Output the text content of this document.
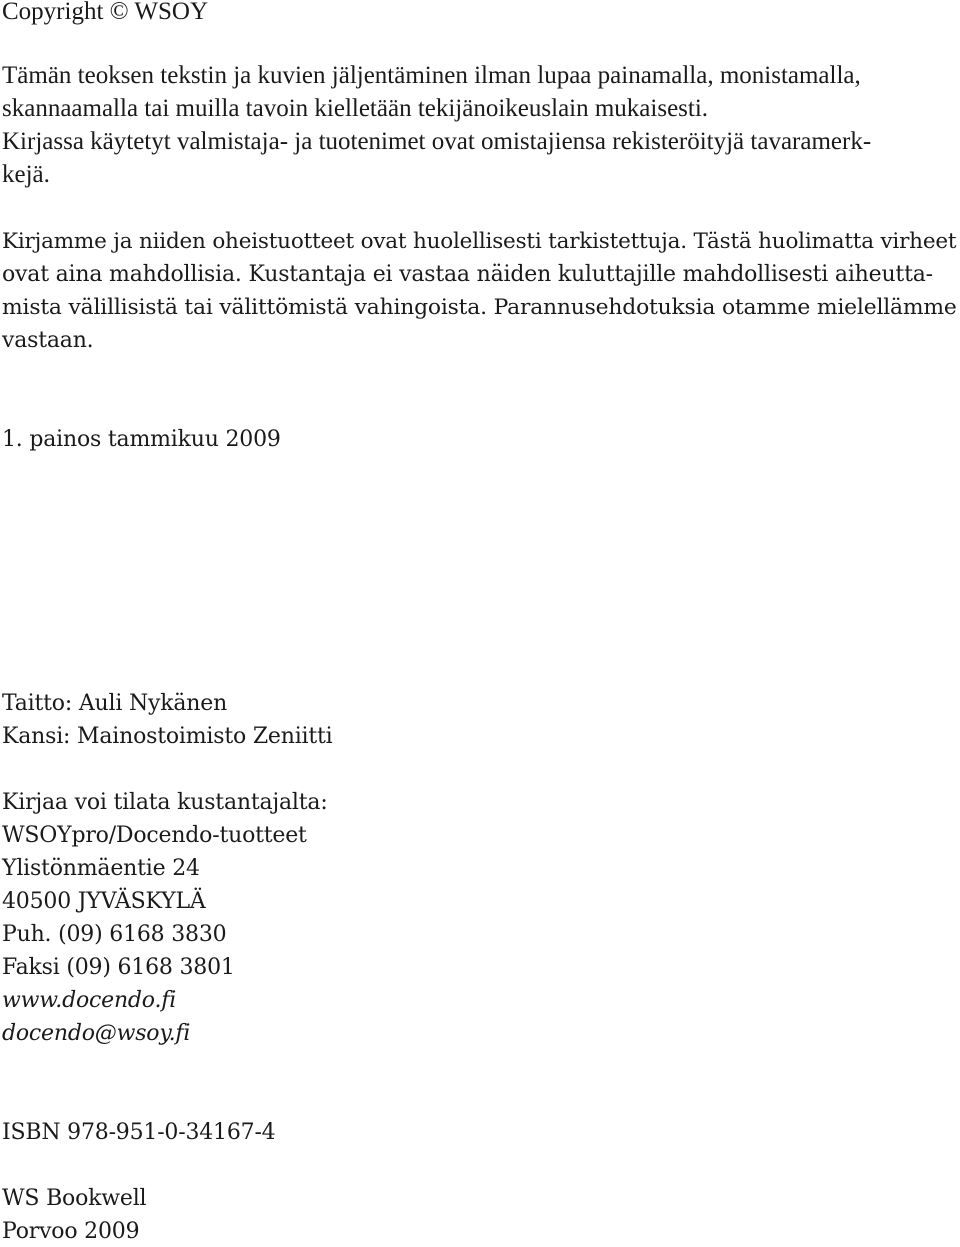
Copyright © WSOY
Tämän teoksen tekstin ja kuvien jäljentäminen ilman lupaa painamalla, monistamalla,
skannaamalla tai muilla tavoin kielletään tekijänoikeuslain mukaisesti.
Kirjassa käytetyt valmistaja- ja tuotenimet ovat omistajiensa rekisteröityjä tavaramerk-
kejä.
Kirjamme ja niiden oheistuotteet ovat huolellisesti tarkistettuja. Tästä huolimatta virheet
ovat aina mahdollisia. Kustantaja ei vastaa näiden kuluttajille mahdollisesti aiheutta-
mista välillisistä tai välittömistä vahingoista. Parannusehdotuksia otamme mielellämme
vastaan.
1. painos tammikuu 2009
Taitto: Auli Nykänen
Kansi: Mainostoimisto Zeniitti
Kirjaa voi tilata kustantajalta:
WSOYpro/Docendo-tuotteet
Ylistönmäentie 24
40500 JYVÄSKYLÄ
Puh. (09) 6168 3830
Faksi (09) 6168 3801
www.docendo.fi
docendo@wsoy.fi
ISBN 978-951-0-34167-4
WS Bookwell
Porvoo 2009
